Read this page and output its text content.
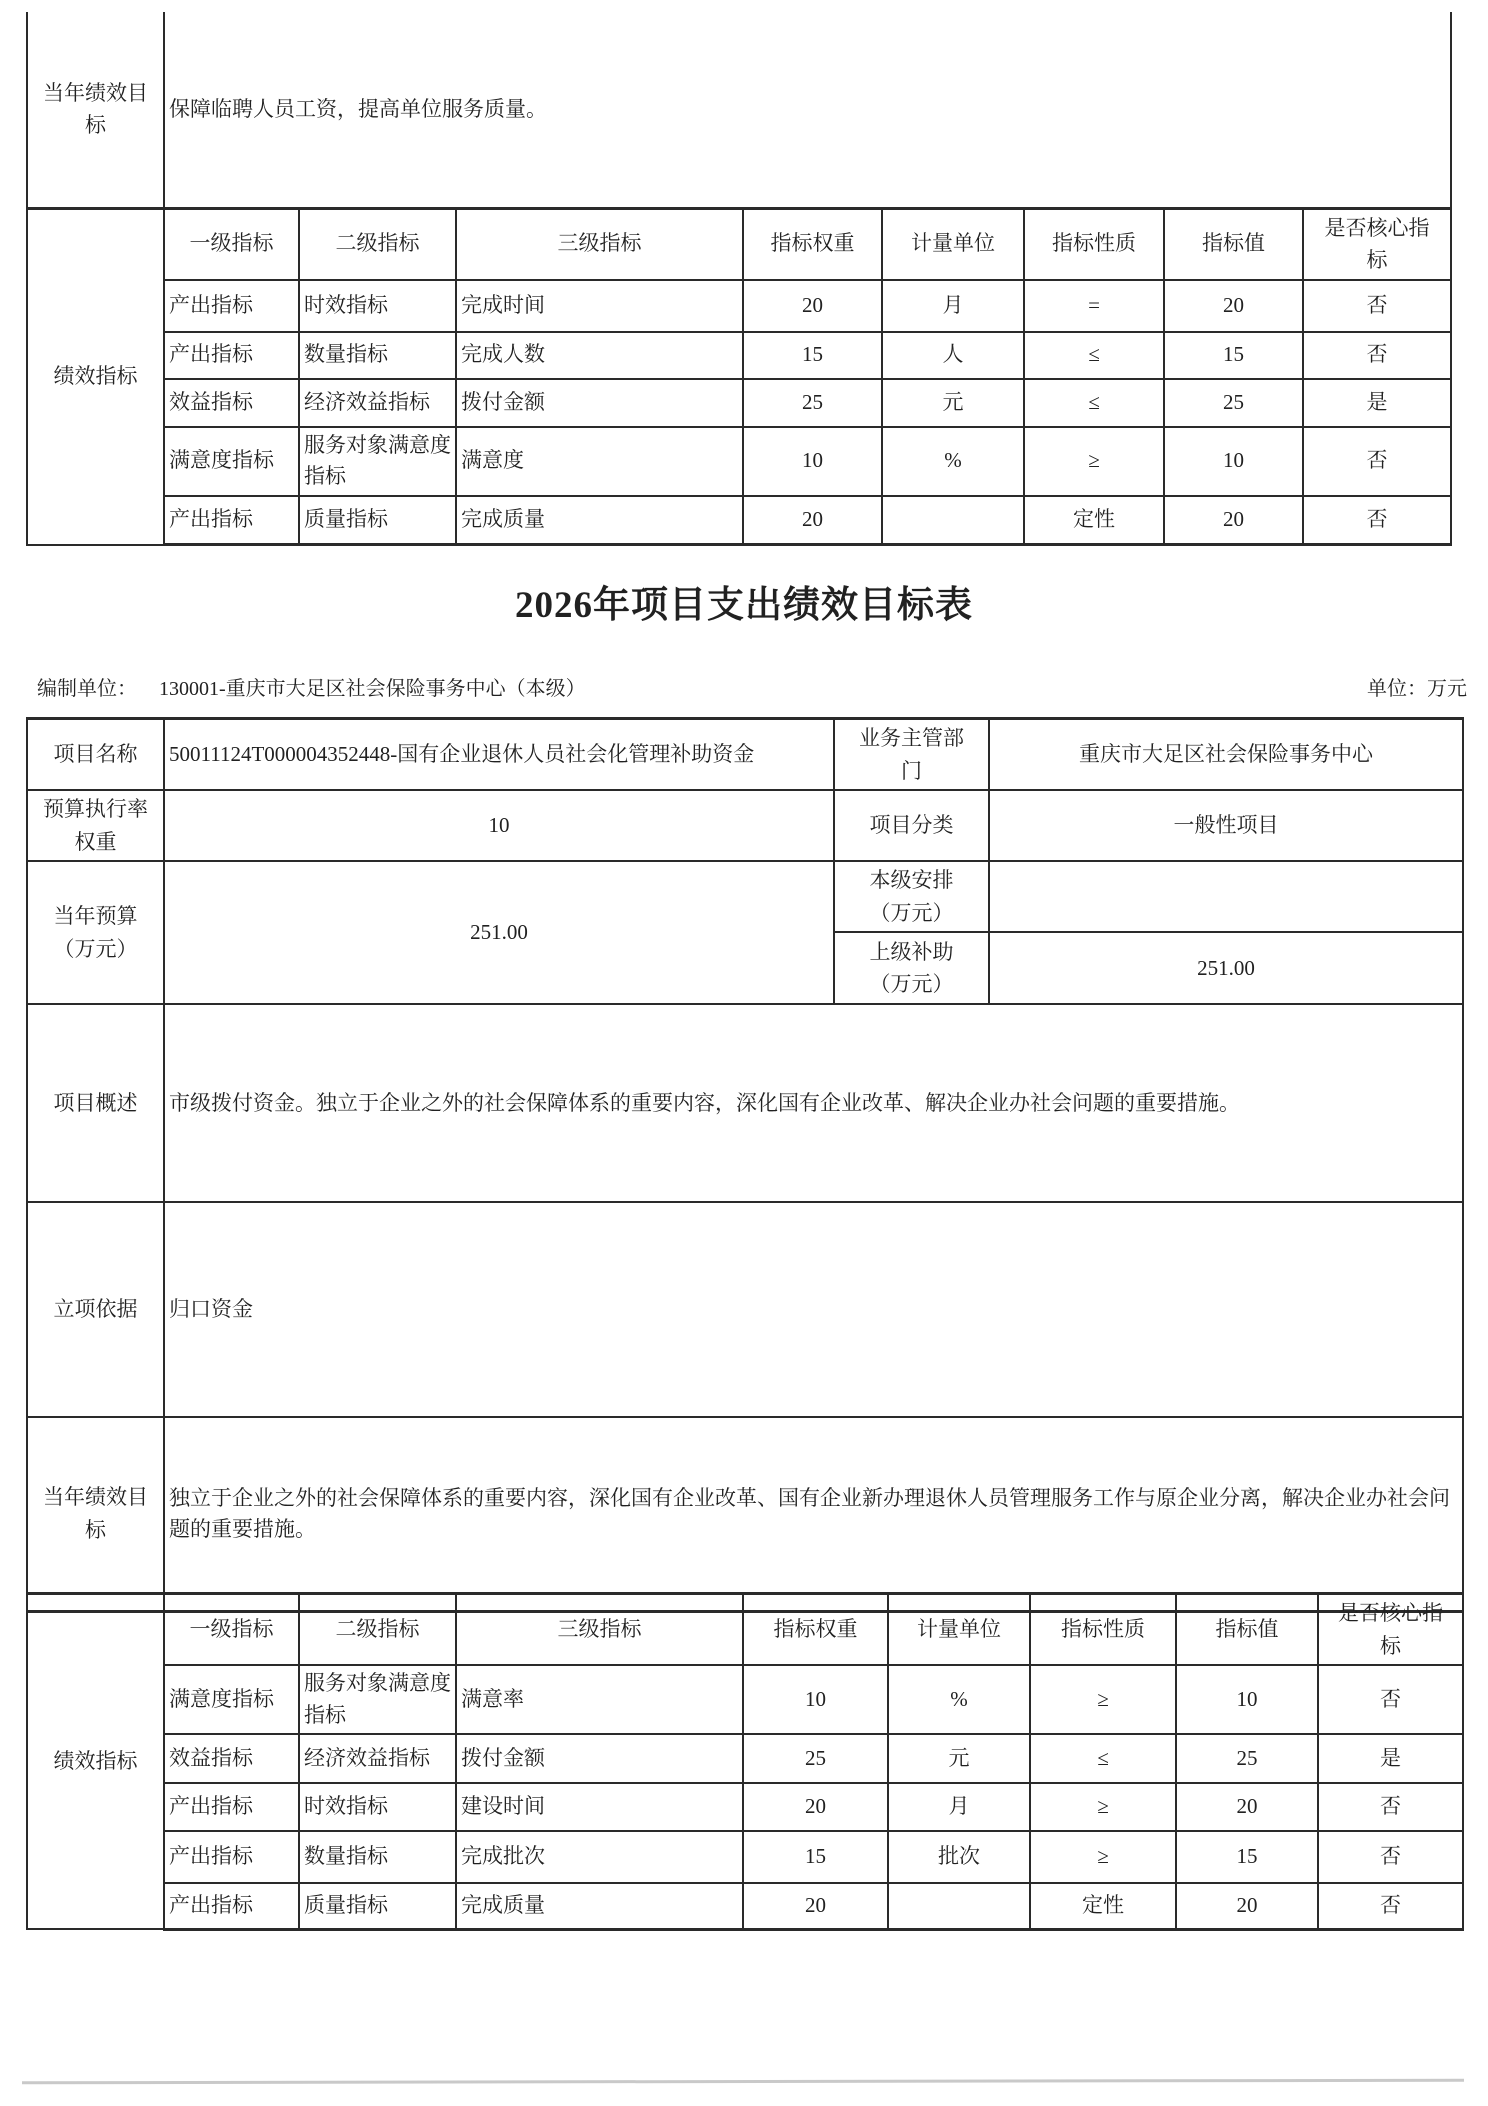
当年绩效目标	保障临聘人员工资，提高单位服务质量。							
绩效指标	一级指标	二级指标	三级指标	指标权重	计量单位	指标性质	指标值	是否核心指标
	产出指标	时效指标	完成时间	20	月	=	20	否
	产出指标	数量指标	完成人数	15	人	≤	15	否
	效益指标	经济效益指标	拨付金额	25	元	≤	25	是
	满意度指标	服务对象满意度指标	满意度	10	%	≥	10	否
	产出指标	质量指标	完成质量	20		定性	20	否
2026年项目支出绩效目标表
编制单位： 130001-重庆市大足区社会保险事务中心（本级）	单位：万元
项目名称	50011124T000004352448-国有企业退休人员社会化管理补助资金	业务主管部门	重庆市大足区社会保险事务中心
预算执行率权重	10	项目分类	一般性项目
当年预算（万元）	251.00	本级安排（万元）	
		上级补助（万元）	251.00
项目概述	市级拨付资金。独立于企业之外的社会保障体系的重要内容，深化国有企业改革、解决企业办社会问题的重要措施。		
立项依据	归口资金		
当年绩效目标	独立于企业之外的社会保障体系的重要内容，深化国有企业改革、国有企业新办理退休人员管理服务工作与原企业分离，解决企业办社会问题的重要措施。		
绩效指标	一级指标	二级指标	三级指标	指标权重	计量单位	指标性质	指标值	是否核心指标
	满意度指标	服务对象满意度指标	满意率	10	%	≥	10	否
	效益指标	经济效益指标	拨付金额	25	元	≤	25	是
	产出指标	时效指标	建设时间	20	月	≥	20	否
	产出指标	数量指标	完成批次	15	批次	≥	15	否
	产出指标	质量指标	完成质量	20		定性	20	否
